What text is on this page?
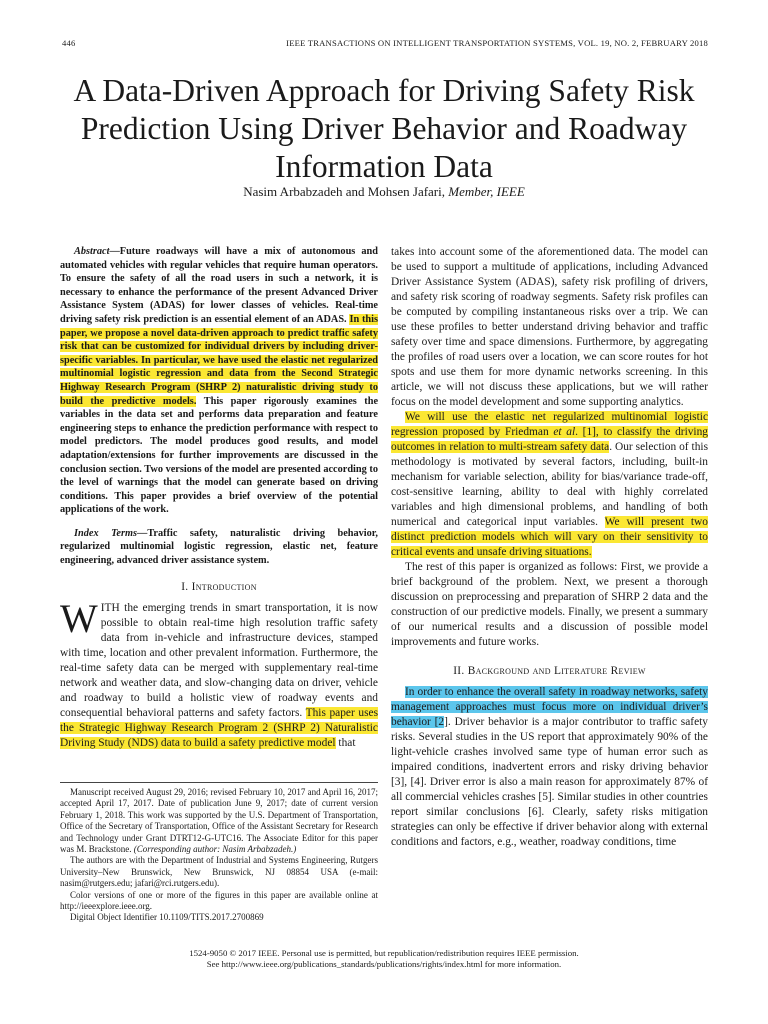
446	IEEE TRANSACTIONS ON INTELLIGENT TRANSPORTATION SYSTEMS, VOL. 19, NO. 2, FEBRUARY 2018
A Data-Driven Approach for Driving Safety Risk Prediction Using Driver Behavior and Roadway Information Data
Nasim Arbabzadeh and Mohsen Jafari, Member, IEEE

Abstract—Future roadways will have a mix of autonomous and automated vehicles with regular vehicles that require human operators. To ensure the safety of all the road users in such a network, it is necessary to enhance the performance of the present Advanced Driver Assistance System (ADAS) for lower classes of vehicles. Real-time driving safety risk prediction is an essential element of an ADAS. In this paper, we propose a novel data-driven approach to predict traffic safety risk that can be customized for individual drivers by including driver-specific variables. In particular, we have used the elastic net regularized multinomial logistic regression and data from the Second Strategic Highway Research Program (SHRP 2) naturalistic driving study to build the predictive models. This paper rigorously examines the variables in the data set and performs data preparation and feature engineering steps to enhance the prediction performance with respect to model predictors. The model produces good results, and model adaptation/extensions for further improvements are discussed in the conclusion section. Two versions of the model are presented according to the level of warnings that the model can generate based on driving conditions. This paper provides a brief overview of the potential applications of the work.

Index Terms—Traffic safety, naturalistic driving behavior, regularized multinomial logistic regression, elastic net, feature engineering, advanced driver assistance system.

I. Introduction

WITH the emerging trends in smart transportation, it is now possible to obtain real-time high resolution traffic safety data from in-vehicle and infrastructure devices, stamped with time, location and other prevalent information. Furthermore, the real-time safety data can be merged with supplementary real-time network and weather data, and slow-changing data on driver, vehicle and roadway to build a holistic view of roadway events and consequential behavioral patterns and safety factors. This paper uses the Strategic Highway Research Program 2 (SHRP 2) Naturalistic Driving Study (NDS) data to build a safety predictive model that

Manuscript received August 29, 2016; revised February 10, 2017 and April 16, 2017; accepted April 17, 2017. Date of publication June 9, 2017; date of current version February 1, 2018. This work was supported by the U.S. Department of Transportation, Office of the Secretary of Transportation, Office of the Assistant Secretary for Research and Technology under Grant DTRT12-G-UTC16. The Associate Editor for this paper was M. Brackstone. (Corresponding author: Nasim Arbabzadeh.)

The authors are with the Department of Industrial and Systems Engineering, Rutgers University–New Brunswick, New Brunswick, NJ 08854 USA (e-mail: nasim@rutgers.edu; jafari@rci.rutgers.edu).

Color versions of one or more of the figures in this paper are available online at http://ieeexplore.ieee.org.

Digital Object Identifier 10.1109/TITS.2017.2700869

takes into account some of the aforementioned data. The model can be used to support a multitude of applications, including Advanced Driver Assistance System (ADAS), safety risk profiling of drivers, and safety risk scoring of roadway segments. Safety risk profiles can be computed by compiling instantaneous risks over a trip. We can use these profiles to better understand driving behavior and traffic safety over time and space dimensions. Furthermore, by aggregating the profiles of road users over a location, we can score routes for hot spots and use them for more dynamic networks screening. In this article, we will not discuss these applications, but we will rather focus on the model development and some supporting analytics.

We will use the elastic net regularized multinomial logistic regression proposed by Friedman et al. [1], to classify the driving outcomes in relation to multi-stream safety data. Our selection of this methodology is motivated by several factors, including, built-in mechanism for variable selection, ability for bias/variance trade-off, cost-sensitive learning, ability to deal with highly correlated variables and high dimensional problems, and handling of both numerical and categorical input variables. We will present two distinct prediction models which will vary on their sensitivity to critical events and unsafe driving situations.

The rest of this paper is organized as follows: First, we provide a brief background of the problem. Next, we present a thorough discussion on preprocessing and preparation of SHRP 2 data and the construction of our predictive models. Finally, we present a summary of our numerical results and a discussion of possible model improvements and future works.

II. Background and Literature Review

In order to enhance the overall safety in roadway networks, safety management approaches must focus more on individual driver’s behavior [2]. Driver behavior is a major contributor to traffic safety risks. Several studies in the US report that approximately 90% of the light-vehicle crashes involved same type of human error such as impaired conditions, inadvertent errors and risky driving behavior [3], [4]. Driver error is also a main reason for approximately 87% of all commercial vehicles crashes [5]. Similar studies in other countries report similar conclusions [6]. Clearly, safety risks mitigation strategies can only be effective if driver behavior along with external conditions and factors, e.g., weather, roadway conditions, time

1524-9050 © 2017 IEEE. Personal use is permitted, but republication/redistribution requires IEEE permission.
See http://www.ieee.org/publications_standards/publications/rights/index.html for more information.
